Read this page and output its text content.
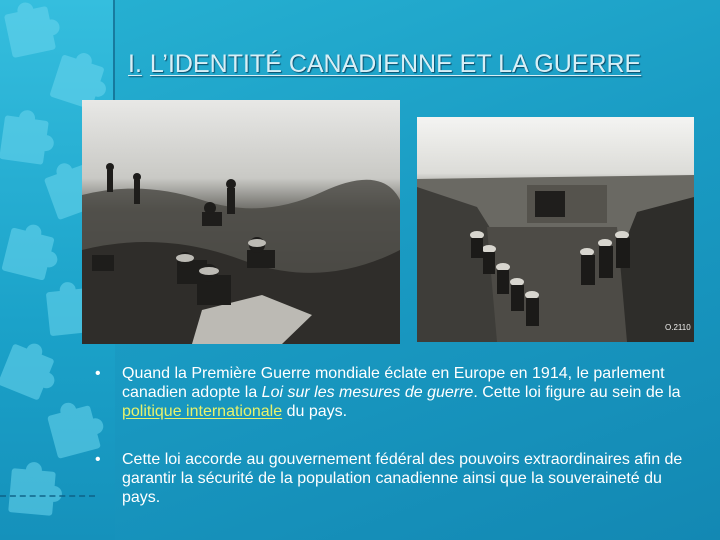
I. L’IDENTITÉ CANADIENNE ET LA GUERRE
O.2110
• Quand la Première Guerre mondiale éclate en Europe en 1914, le parlement canadien adopte la Loi sur les mesures de guerre. Cette loi figure au sein de la politique internationale du pays.
• Cette loi accorde au gouvernement fédéral des pouvoirs extraordinaires afin de garantir la sécurité de la population canadienne ainsi que la souveraineté du pays.
